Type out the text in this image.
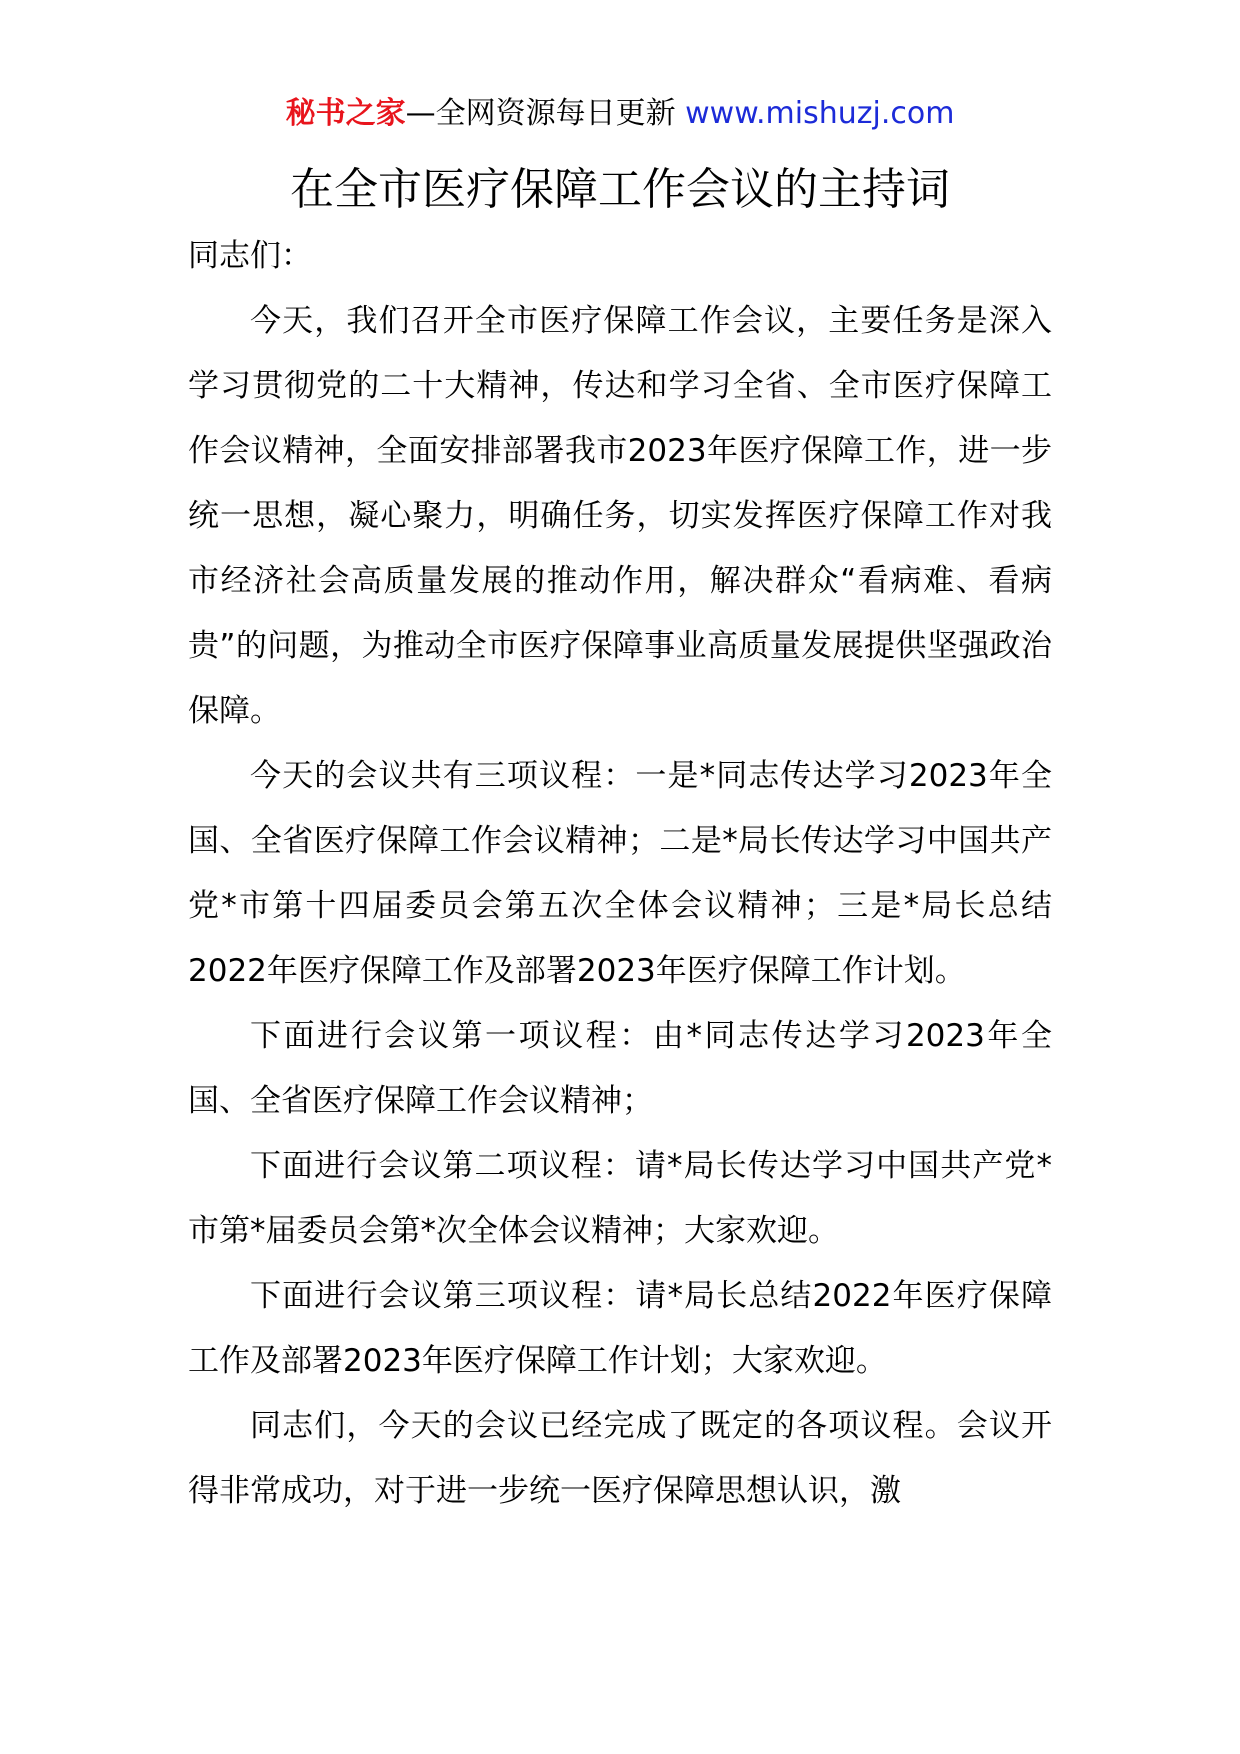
秘书之家—全网资源每日更新 www.mishuzj.com
在全市医疗保障工作会议的主持词

同志们：

今天，我们召开全市医疗保障工作会议，主要任务是深入学习贯彻党的二十大精神，传达和学习全省、全市医疗保障工作会议精神，全面安排部署我市2023年医疗保障工作，进一步统一思想，凝心聚力，明确任务，切实发挥医疗保障工作对我市经济社会高质量发展的推动作用，解决群众“看病难、看病贵”的问题，为推动全市医疗保障事业高质量发展提供坚强政治保障。

今天的会议共有三项议程：一是*同志传达学习2023年全国、全省医疗保障工作会议精神；二是*局长传达学习中国共产党*市第十四届委员会第五次全体会议精神；三是*局长总结2022年医疗保障工作及部署2023年医疗保障工作计划。

下面进行会议第一项议程：由*同志传达学习2023年全国、全省医疗保障工作会议精神；

下面进行会议第二项议程：请*局长传达学习中国共产党*市第*届委员会第*次全体会议精神；大家欢迎。

下面进行会议第三项议程：请*局长总结2022年医疗保障工作及部署2023年医疗保障工作计划；大家欢迎。

同志们，今天的会议已经完成了既定的各项议程。会议开得非常成功，对于进一步统一医疗保障思想认识，激
